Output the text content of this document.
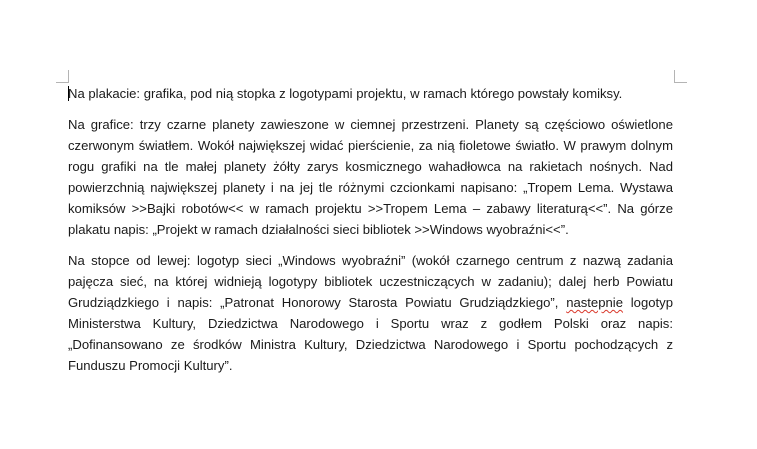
Na plakacie: grafika, pod nią stopka z logotypami projektu, w ramach którego powstały komiksy.

Na grafice: trzy czarne planety zawieszone w ciemnej przestrzeni. Planety są częściowo oświetlone czerwonym światłem. Wokół największej widać pierścienie, za nią fioletowe światło. W prawym dolnym rogu grafiki na tle małej planety żółty zarys kosmicznego wahadłowca na rakietach nośnych. Nad powierzchnią największej planety i na jej tle różnymi czcionkami napisano: „Tropem Lema. Wystawa komiksów >>Bajki robotów<< w ramach projektu >>Tropem Lema – zabawy literaturą<<”. Na górze plakatu napis: „Projekt w ramach działalności sieci bibliotek >>Windows wyobraźni<<”.

Na stopce od lewej: logotyp sieci „Windows wyobraźni” (wokół czarnego centrum z nazwą zadania pajęcza sieć, na której widnieją logotypy bibliotek uczestniczących w zadaniu); dalej herb Powiatu Grudziądzkiego i napis: „Patronat Honorowy Starosta Powiatu Grudziądzkiego”, nastepnie logotyp Ministerstwa Kultury, Dziedzictwa Narodowego i Sportu wraz z godłem Polski oraz napis: „Dofinansowano ze środków Ministra Kultury, Dziedzictwa Narodowego i Sportu pochodzących z Funduszu Promocji Kultury”.
